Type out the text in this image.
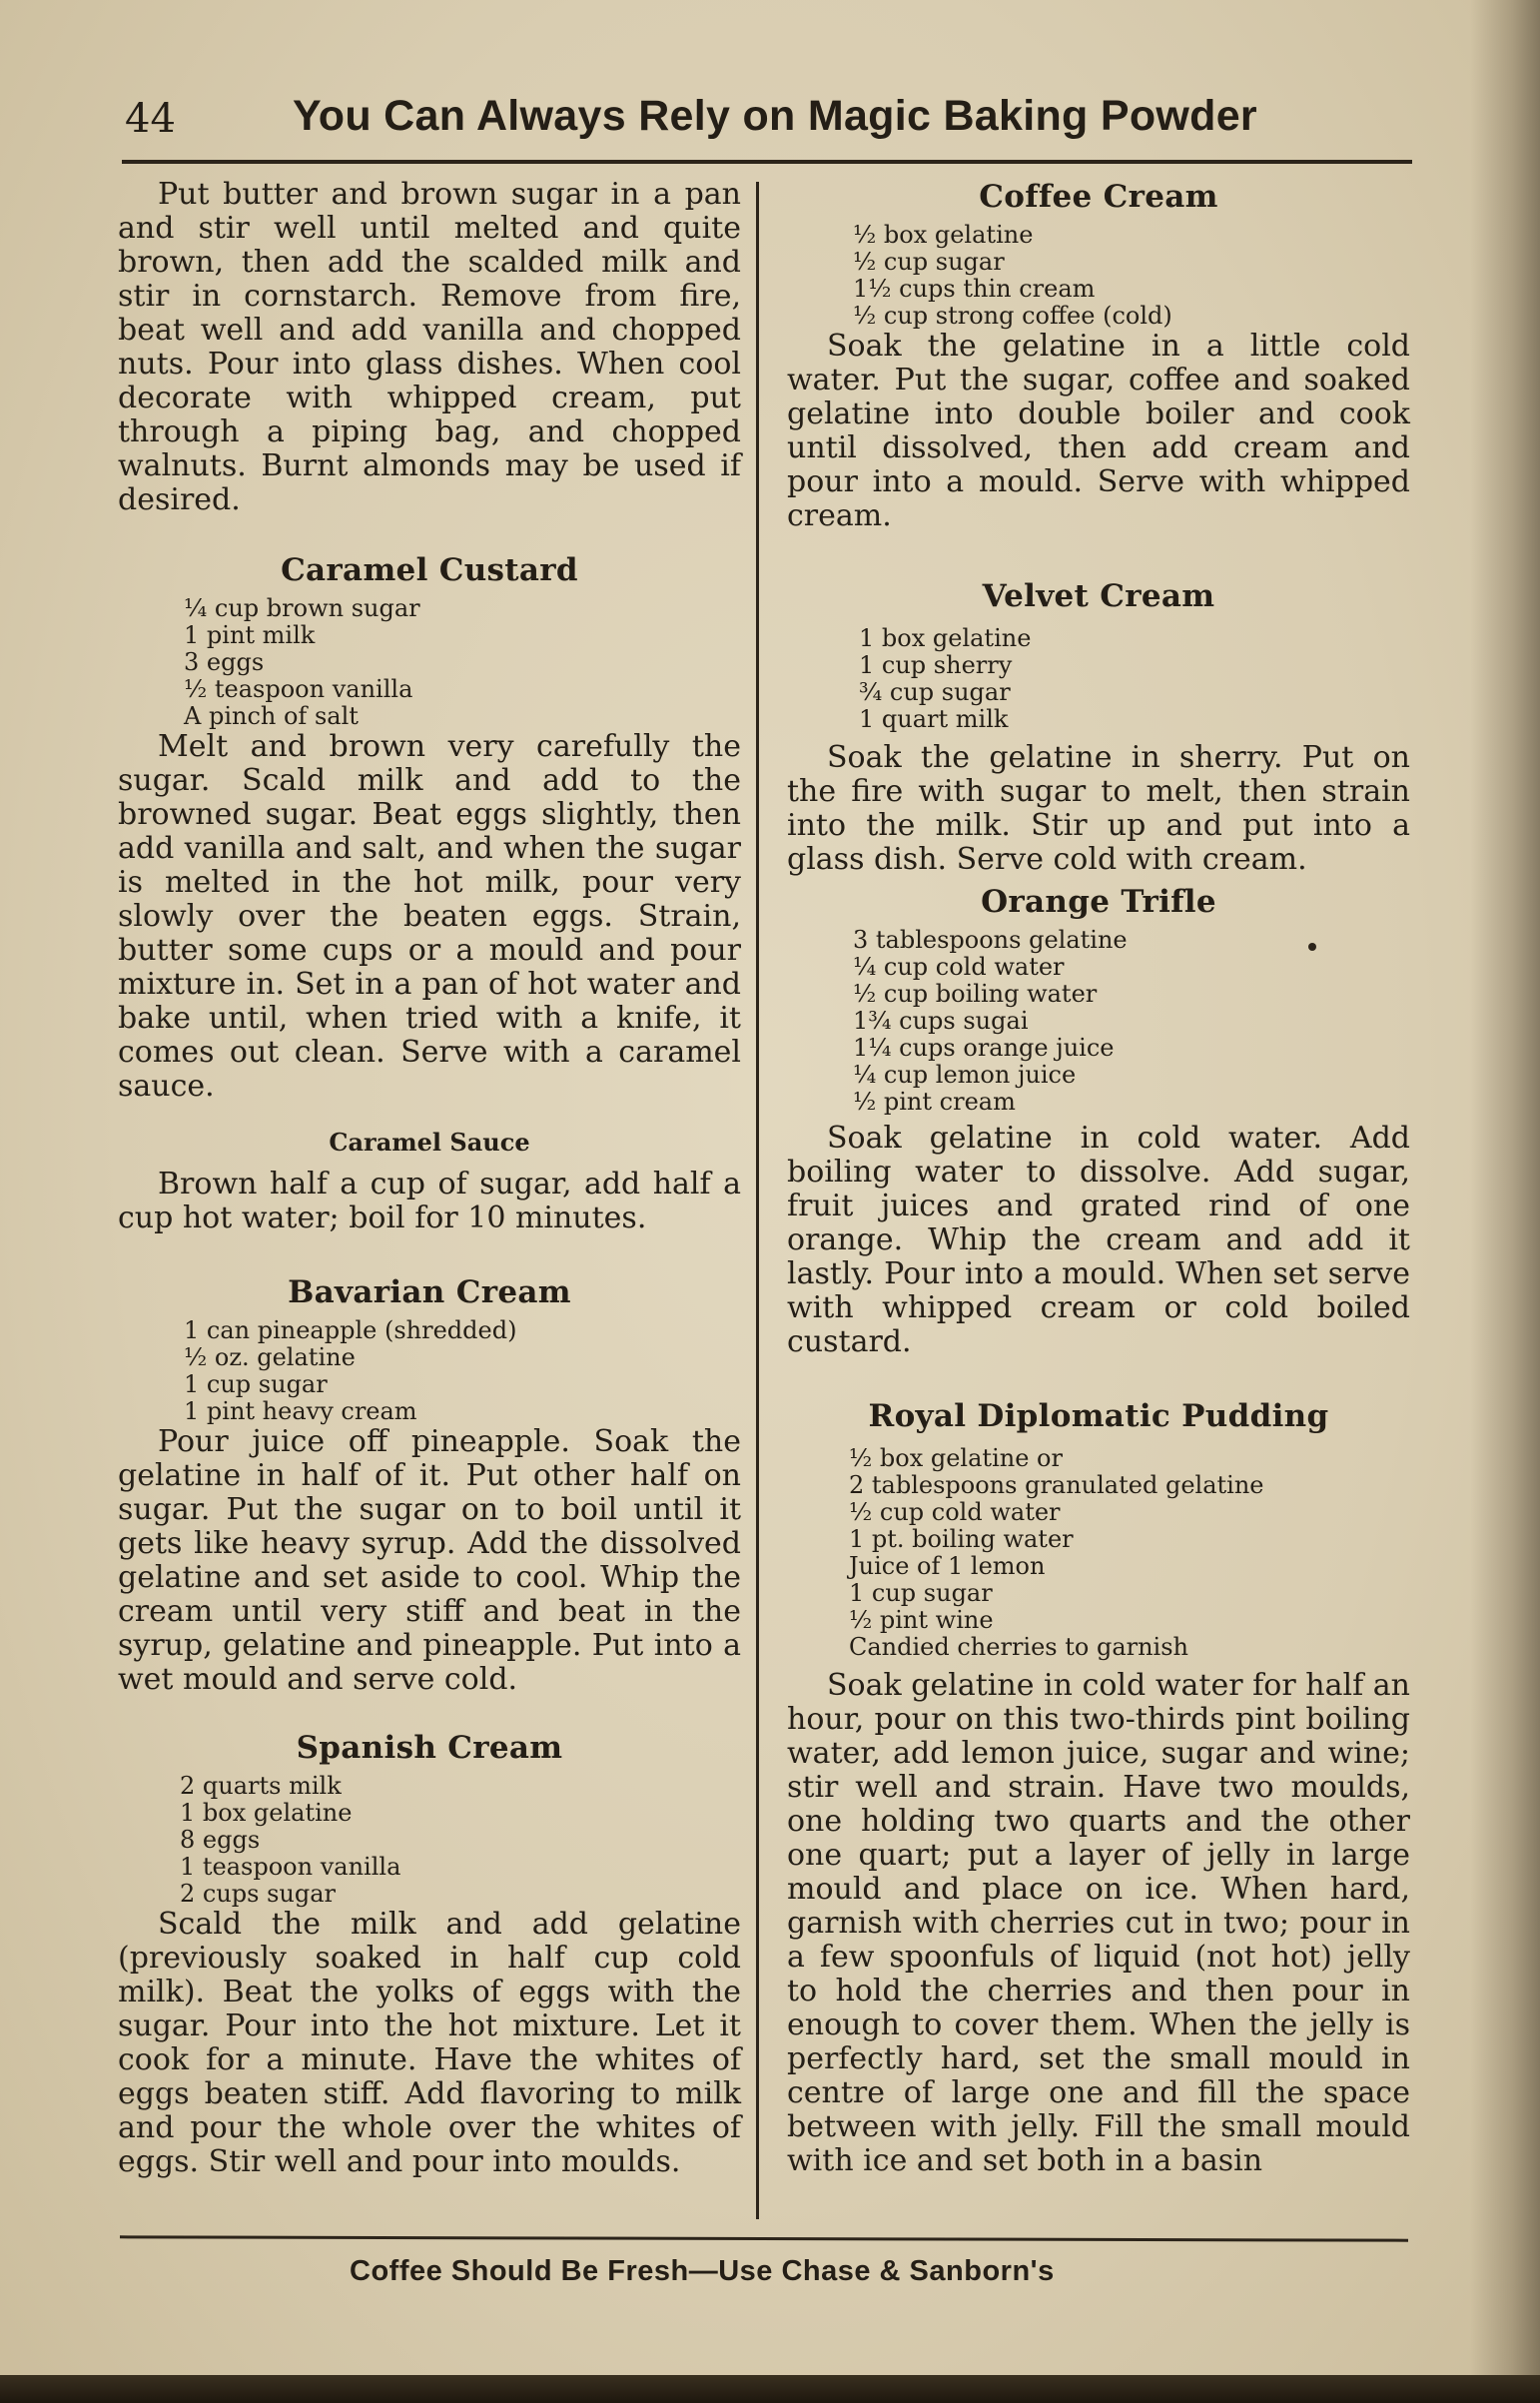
44	You Can Always Rely on Magic Baking Powder

Put butter and brown sugar in a pan and stir well until melted and quite brown, then add the scalded milk and stir in cornstarch. Remove from fire, beat well and add vanilla and chopped nuts. Pour into glass dishes. When cool decorate with whipped cream, put through a piping bag, and chopped walnuts. Burnt almonds may be used if desired.

Caramel Custard
¼ cup brown sugar
1 pint milk
3 eggs
½ teaspoon vanilla
A pinch of salt

Melt and brown very carefully the sugar. Scald milk and add to the browned sugar. Beat eggs slightly, then add vanilla and salt, and when the sugar is melted in the hot milk, pour very slowly over the beaten eggs. Strain, butter some cups or a mould and pour mixture in. Set in a pan of hot water and bake until, when tried with a knife, it comes out clean. Serve with a caramel sauce.

Caramel Sauce

Brown half a cup of sugar, add half a cup hot water; boil for 10 minutes.

Bavarian Cream
1 can pineapple (shredded)
½ oz. gelatine
1 cup sugar
1 pint heavy cream

Pour juice off pineapple. Soak the gelatine in half of it. Put other half on sugar. Put the sugar on to boil until it gets like heavy syrup. Add the dissolved gelatine and set aside to cool. Whip the cream until very stiff and beat in the syrup, gelatine and pineapple. Put into a wet mould and serve cold.

Spanish Cream
2 quarts milk
1 box gelatine
8 eggs
1 teaspoon vanilla
2 cups sugar

Scald the milk and add gelatine (previously soaked in half cup cold milk). Beat the yolks of eggs with the sugar. Pour into the hot mixture. Let it cook for a minute. Have the whites of eggs beaten stiff. Add flavoring to milk and pour the whole over the whites of eggs. Stir well and pour into moulds.

Coffee Cream
½ box gelatine
½ cup sugar
1½ cups thin cream
½ cup strong coffee (cold)

Soak the gelatine in a little cold water. Put the sugar, coffee and soaked gelatine into double boiler and cook until dissolved, then add cream and pour into a mould. Serve with whipped cream.

Velvet Cream
1 box gelatine
1 cup sherry
¾ cup sugar
1 quart milk

Soak the gelatine in sherry. Put on the fire with sugar to melt, then strain into the milk. Stir up and put into a glass dish. Serve cold with cream.

Orange Trifle
3 tablespoons gelatine
¼ cup cold water
½ cup boiling water
1¾ cups sugai
1¼ cups orange juice
¼ cup lemon juice
½ pint cream

Soak gelatine in cold water. Add boiling water to dissolve. Add sugar, fruit juices and grated rind of one orange. Whip the cream and add it lastly. Pour into a mould. When set serve with whipped cream or cold boiled custard.

Royal Diplomatic Pudding
½ box gelatine or
2 tablespoons granulated gelatine
½ cup cold water
1 pt. boiling water
Juice of 1 lemon
1 cup sugar
½ pint wine
Candied cherries to garnish

Soak gelatine in cold water for half an hour, pour on this two-thirds pint boiling water, add lemon juice, sugar and wine; stir well and strain. Have two moulds, one holding two quarts and the other one quart; put a layer of jelly in large mould and place on ice. When hard, garnish with cherries cut in two; pour in a few spoonfuls of liquid (not hot) jelly to hold the cherries and then pour in enough to cover them. When the jelly is perfectly hard, set the small mould in centre of large one and fill the space between with jelly. Fill the small mould with ice and set both in a basin

Coffee Should Be Fresh—Use Chase & Sanborn's
